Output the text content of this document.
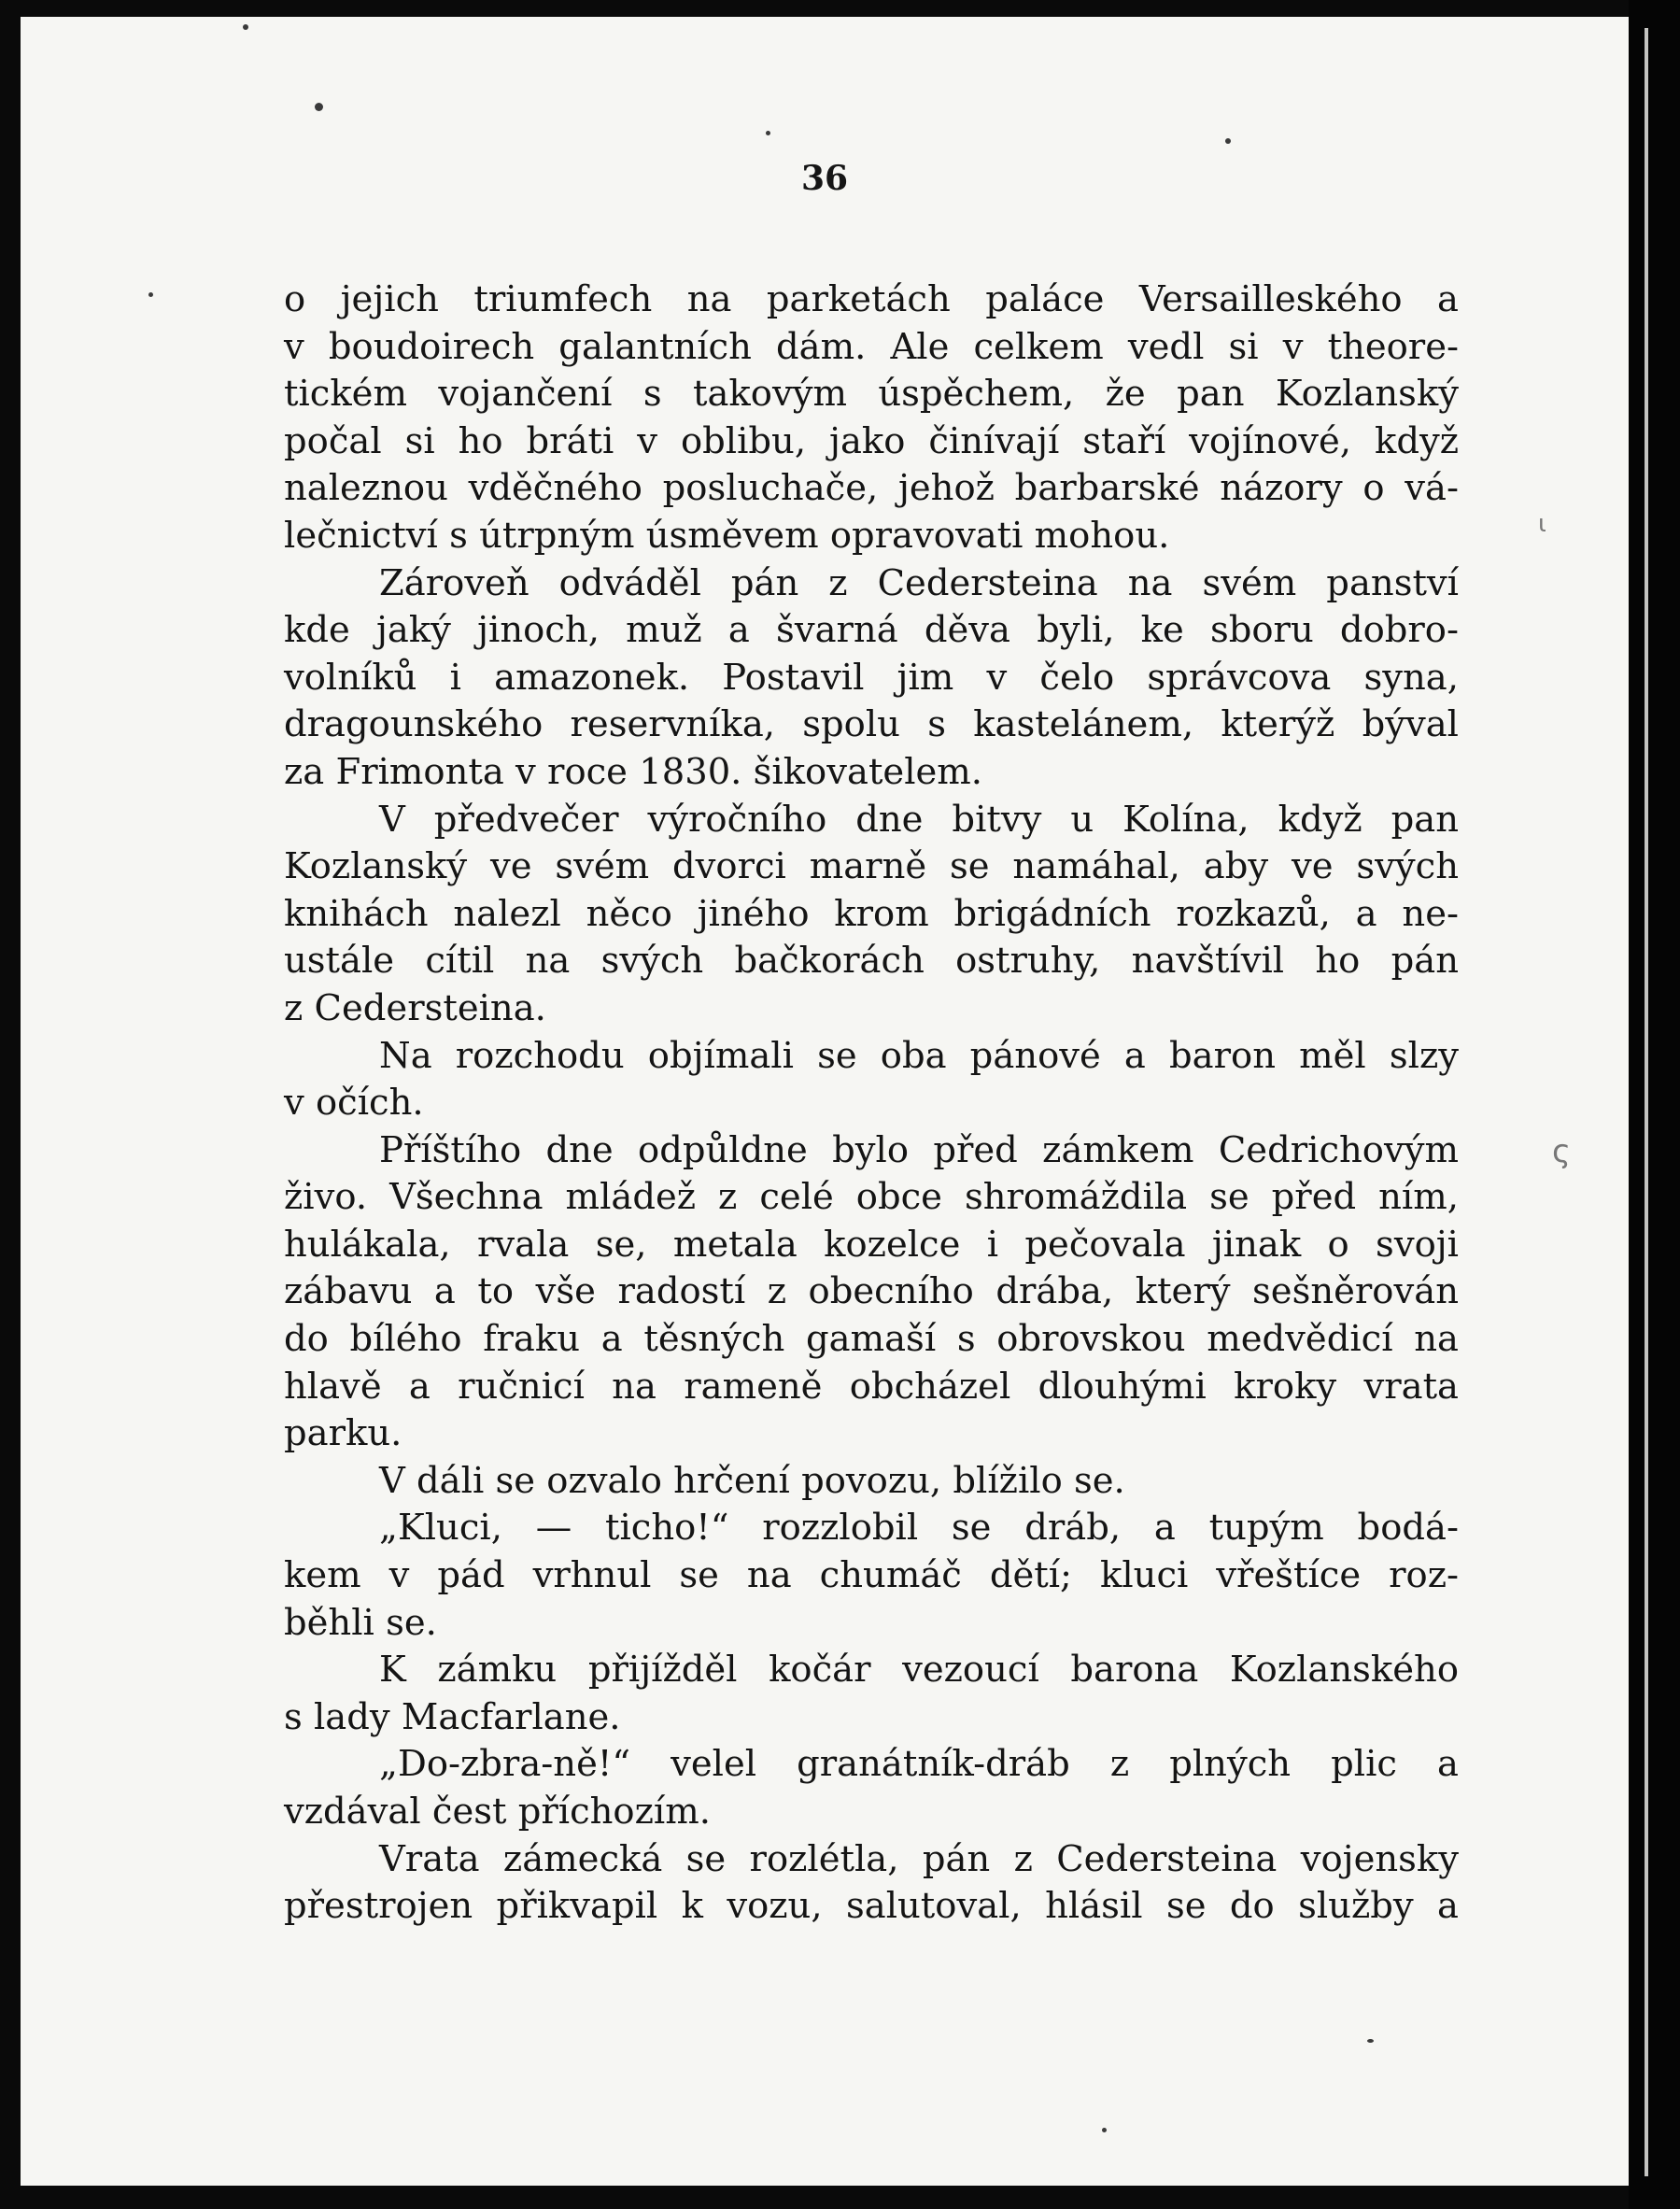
36
o jejich triumfech na parketách paláce Versailleského a
v boudoirech galantních dám. Ale celkem vedl si v theore-
tickém vojančení s takovým úspěchem, že pan Kozlanský
počal si ho bráti v oblibu, jako činívají staří vojínové, když
naleznou vděčného posluchače, jehož barbarské názory o vá-
lečnictví s útrpným úsměvem opravovati mohou.
Zároveň odváděl pán z Cedersteina na svém panství
kde jaký jinoch, muž a švarná děva byli, ke sboru dobro-
volníků i amazonek. Postavil jim v čelo správcova syna,
dragounského reservníka, spolu s kastelánem, kterýž býval
za Frimonta v roce 1830. šikovatelem.
V předvečer výročního dne bitvy u Kolína, když pan
Kozlanský ve svém dvorci marně se namáhal, aby ve svých
knihách nalezl něco jiného krom brigádních rozkazů, a ne-
ustále cítil na svých bačkorách ostruhy, navštívil ho pán
z Cedersteina.
Na rozchodu objímali se oba pánové a baron měl slzy
v očích.
Příštího dne odpůldne bylo před zámkem Cedrichovým
živo. Všechna mládež z celé obce shromáždila se před ním,
hulákala, rvala se, metala kozelce i pečovala jinak o svoji
zábavu a to vše radostí z obecního drába, který sešněrován
do bílého fraku a těsných gamaší s obrovskou medvědicí na
hlavě a ručnicí na rameně obcházel dlouhými kroky vrata
parku.
V dáli se ozvalo hrčení povozu, blížilo se.
„Kluci, — ticho!“ rozzlobil se dráb, a tupým bodá-
kem v pád vrhnul se na chumáč dětí; kluci vřeštíce roz-
běhli se.
K zámku přijížděl kočár vezoucí barona Kozlanského
s lady Macfarlane.
„Do-zbra-ně!“ velel granátník-dráb z plných plic a
vzdával čest příchozím.
Vrata zámecká se rozlétla, pán z Cedersteina vojensky
přestrojen přikvapil k vozu, salutoval, hlásil se do služby a
ι
ς
